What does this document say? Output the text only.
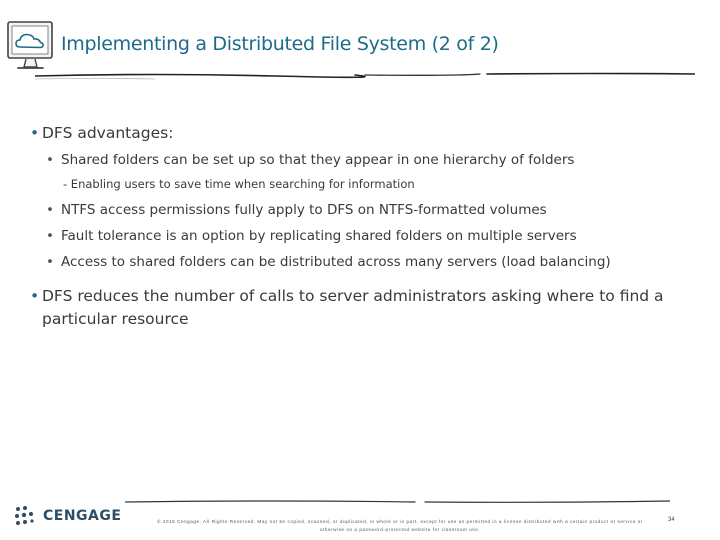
Implementing a Distributed File System (2 of 2)
• DFS advantages:
• Shared folders can be set up so that they appear in one hierarchy of folders
- Enabling users to save time when searching for information
• NTFS access permissions fully apply to DFS on NTFS-formatted volumes
• Fault tolerance is an option by replicating shared folders on multiple servers
• Access to shared folders can be distributed across many servers (load balancing)
• DFS reduces the number of calls to server administrators asking where to find a
particular resource
CENGAGE	© 2018 Cengage. All Rights Reserved. May not be copied, scanned, or duplicated, in whole or in part, except for use as permitted in a license distributed with a certain product or service or
otherwise on a password-protected website for classroom use.
34
